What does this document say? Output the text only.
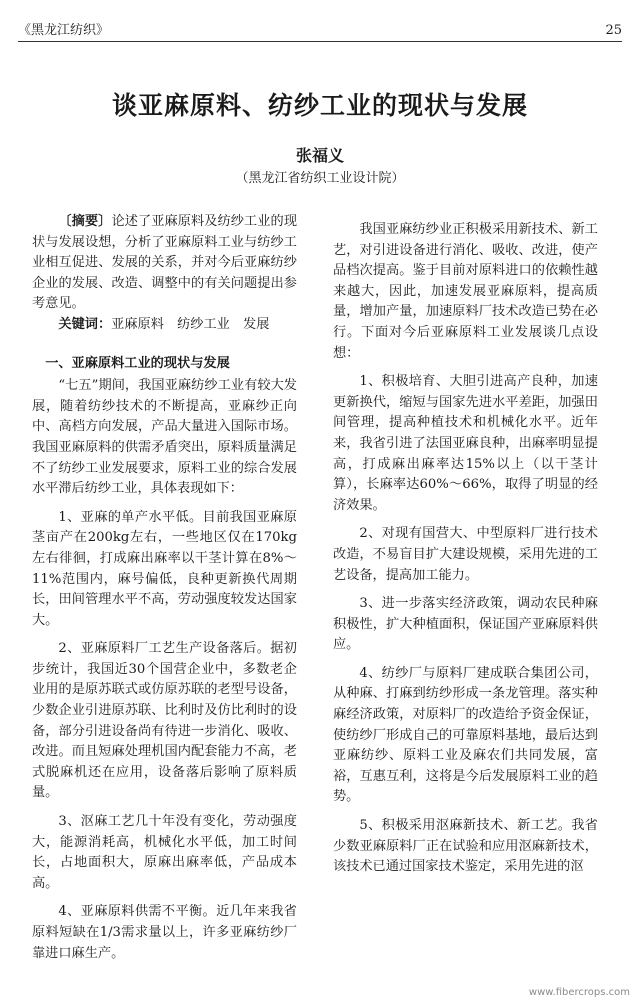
《黑龙江纺织》	25
谈亚麻原料、纺纱工业的现状与发展
张福义
（黑龙江省纺织工业设计院）

〔摘要〕论述了亚麻原料及纺纱工业的现状与发展设想，分析了亚麻原料工业与纺纱工业相互促进、发展的关系，并对今后亚麻纺纱企业的发展、改造、调整中的有关问题提出参考意见。

关键词：亚麻原料　纺纱工业　发展

一、亚麻原料工业的现状与发展

“七五”期间，我国亚麻纺纱工业有较大发展，随着纺纱技术的不断提高，亚麻纱正向中、高档方向发展，产品大量进入国际市场。我国亚麻原料的供需矛盾突出，原料质量满足不了纺纱工业发展要求，原料工业的综合发展水平滞后纺纱工业，具体表现如下：

1、亚麻的单产水平低。目前我国亚麻原茎亩产在200kg左右，一些地区仅在170kg左右徘徊，打成麻出麻率以干茎计算在8%～11%范围内，麻号偏低，良种更新换代周期长，田间管理水平不高，劳动强度较发达国家大。

2、亚麻原料厂工艺生产设备落后。据初步统计，我国近30个国营企业中，多数老企业用的是原苏联式或仿原苏联的老型号设备，少数企业引进原苏联、比利时及仿比利时的设备，部分引进设备尚有待进一步消化、吸收、改进。而且短麻处理机国内配套能力不高，老式脱麻机还在应用，设备落后影响了原料质量。

3、沤麻工艺几十年没有变化，劳动强度大，能源消耗高，机械化水平低，加工时间长，占地面积大，原麻出麻率低，产品成本高。

4、亚麻原料供需不平衡。近几年来我省原料短缺在1/3需求量以上，许多亚麻纺纱厂靠进口麻生产。

我国亚麻纺纱业正积极采用新技术、新工艺，对引进设备进行消化、吸收、改进，使产品档次提高。鉴于目前对原料进口的依赖性越来越大，因此，加速发展亚麻原料，提高质量，增加产量，加速原料厂技术改造已势在必行。下面对今后亚麻原料工业发展谈几点设想：

1、积极培育、大胆引进高产良种，加速更新换代，缩短与国家先进水平差距，加强田间管理，提高种植技术和机械化水平。近年来，我省引进了法国亚麻良种，出麻率明显提高，打成麻出麻率达15%以上（以干茎计算），长麻率达60%～66%，取得了明显的经济效果。

2、对现有国营大、中型原料厂进行技术改造，不易盲目扩大建设规模，采用先进的工艺设备，提高加工能力。

3、进一步落实经济政策，调动农民种麻积极性，扩大种植面积，保证国产亚麻原料供应。

4、纺纱厂与原料厂建成联合集团公司，从种麻、打麻到纺纱形成一条龙管理。落实种麻经济政策，对原料厂的改造给予资金保证，使纺纱厂形成自己的可靠原料基地，最后达到亚麻纺纱、原料工业及麻农们共同发展，富裕，互惠互利，这将是今后发展原料工业的趋势。

5、积极采用沤麻新技术、新工艺。我省少数亚麻原料厂正在试验和应用沤麻新技术，该技术已通过国家技术鉴定，采用先进的沤

www.fibercrops.com
